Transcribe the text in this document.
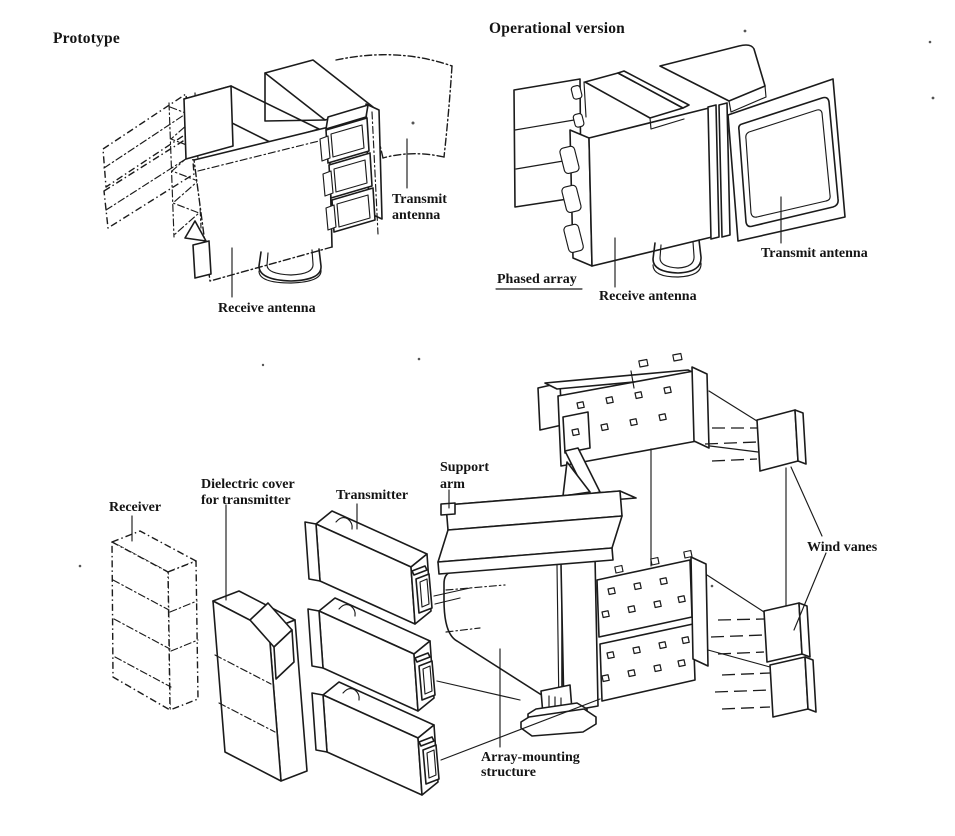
Prototype
Transmit
antenna
Receive antenna
Operational version
Phased array
Receive antenna
Transmit antenna
Receiver
Dielectric cover
for transmitter	Transmitter
Support
arm
Wind vanes
Array-mounting
structure
